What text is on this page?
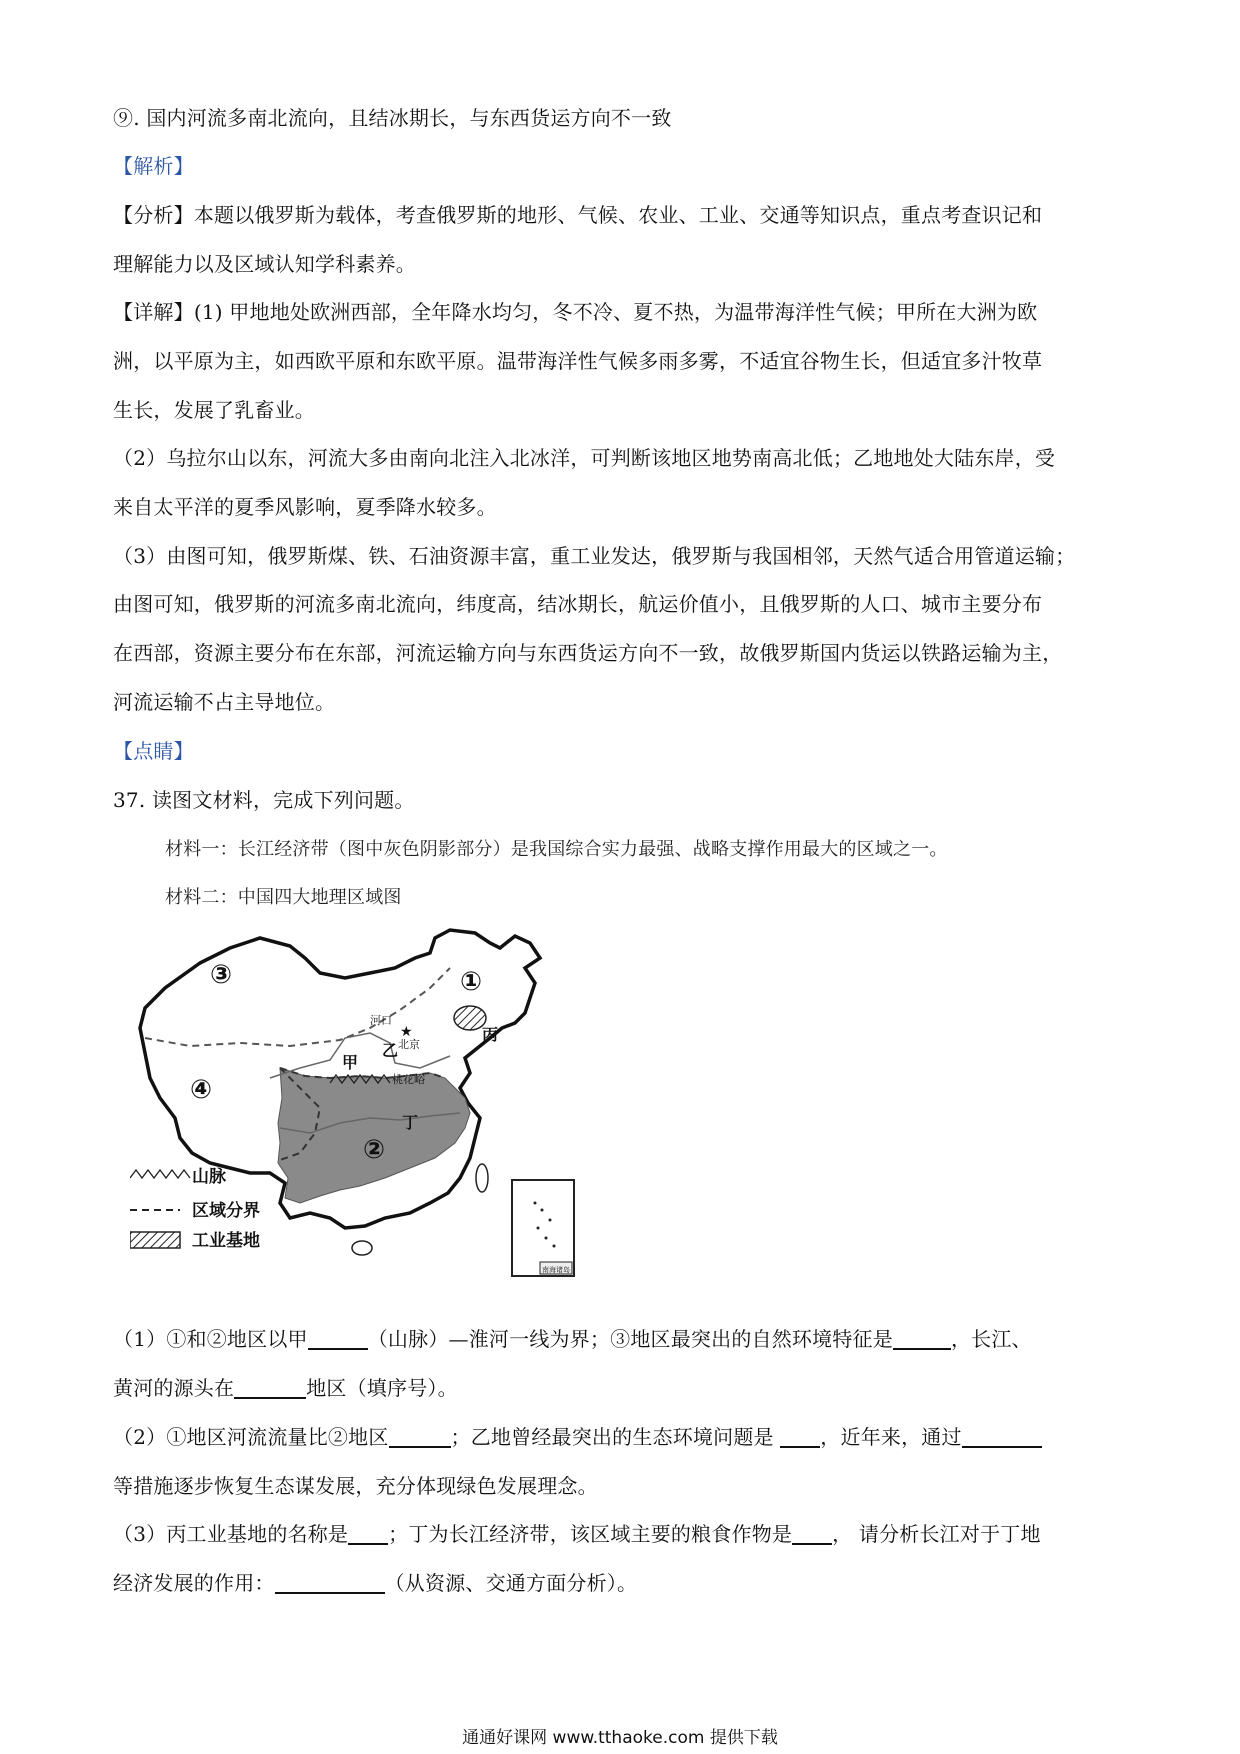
⑨. 国内河流多南北流向，且结冰期长，与东西货运方向不一致
【解析】
【分析】本题以俄罗斯为载体，考查俄罗斯的地形、气候、农业、工业、交通等知识点，重点考查识记和
理解能力以及区域认知学科素养。
【详解】(1) 甲地地处欧洲西部，全年降水均匀，冬不冷、夏不热，为温带海洋性气候；甲所在大洲为欧
洲，以平原为主，如西欧平原和东欧平原。温带海洋性气候多雨多雾，不适宜谷物生长，但适宜多汁牧草
生长，发展了乳畜业。
（2）乌拉尔山以东，河流大多由南向北注入北冰洋，可判断该地区地势南高北低；乙地地处大陆东岸，受
来自太平洋的夏季风影响，夏季降水较多。
（3）由图可知，俄罗斯煤、铁、石油资源丰富，重工业发达，俄罗斯与我国相邻，天然气适合用管道运输；
由图可知，俄罗斯的河流多南北流向，纬度高，结冰期长，航运价值小，且俄罗斯的人口、城市主要分布
在西部，资源主要分布在东部，河流运输方向与东西货运方向不一致，故俄罗斯国内货运以铁路运输为主，
河流运输不占主导地位。
【点睛】
37. 读图文材料，完成下列问题。
材料一：长江经济带（图中灰色阴影部分）是我国综合实力最强、战略支撑作用最大的区域之一。
材料二：中国四大地理区域图
★
①
②
③
④
甲
乙
丙
丁
河口
北京
桃花峪
南海诸岛
山脉
区域分界
工业基地
（1）①和②地区以甲	（山脉）—淮河一线为界；③地区最突出的自然环境特征是	，长江、
黄河的源头在	地区（填序号）。
（2）①地区河流流量比②地区	；乙地曾经最突出的生态环境问题是 ，近年来，通过
等措施逐步恢复生态谋发展，充分体现绿色发展理念。
（3）丙工业基地的名称是 ；丁为长江经济带，该区域主要的粮食作物是 ， 请分析长江对于丁地
经济发展的作用：	（从资源、交通方面分析）。
通通好课网 www.tthaoke.com 提供下载
